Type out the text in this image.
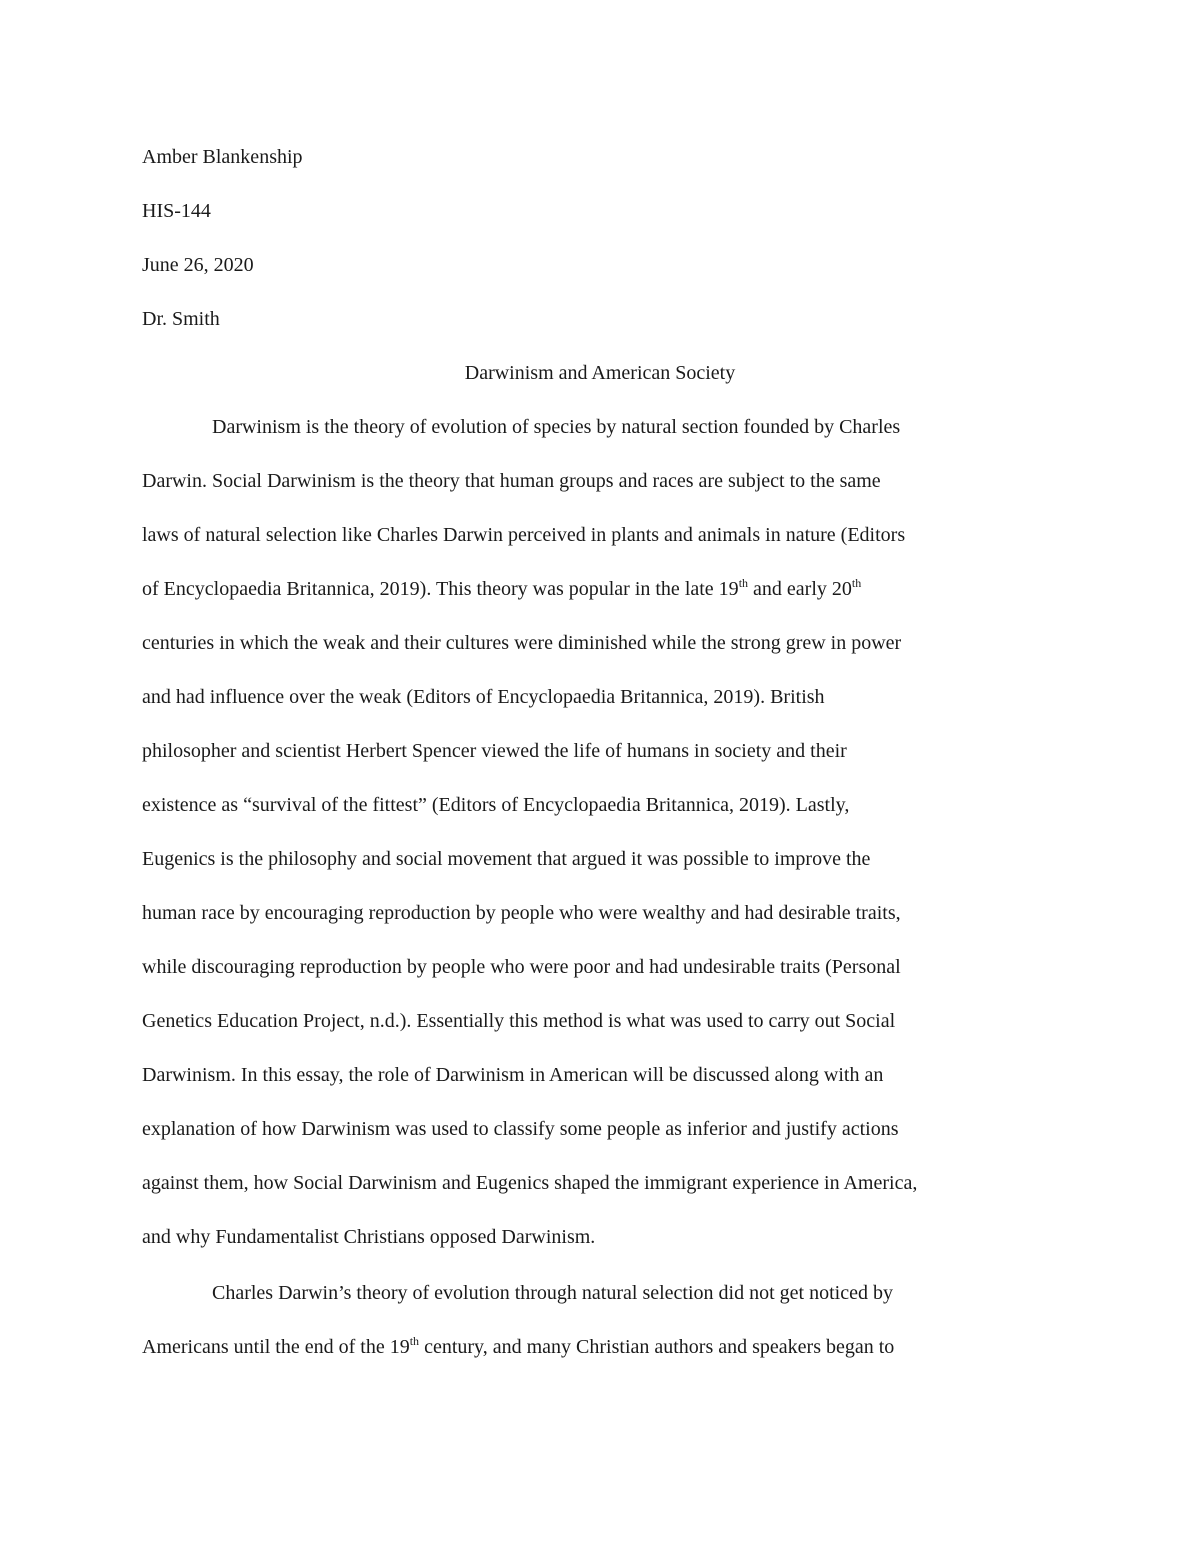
Amber Blankenship
HIS-144
June 26, 2020
Dr. Smith
Darwinism and American Society
Darwinism is the theory of evolution of species by natural section founded by Charles
Darwin. Social Darwinism is the theory that human groups and races are subject to the same
laws of natural selection like Charles Darwin perceived in plants and animals in nature (Editors
of Encyclopaedia Britannica, 2019). This theory was popular in the late 19th and early 20th
centuries in which the weak and their cultures were diminished while the strong grew in power
and had influence over the weak (Editors of Encyclopaedia Britannica, 2019). British
philosopher and scientist Herbert Spencer viewed the life of humans in society and their
existence as “survival of the fittest” (Editors of Encyclopaedia Britannica, 2019). Lastly,
Eugenics is the philosophy and social movement that argued it was possible to improve the
human race by encouraging reproduction by people who were wealthy and had desirable traits,
while discouraging reproduction by people who were poor and had undesirable traits (Personal
Genetics Education Project, n.d.). Essentially this method is what was used to carry out Social
Darwinism. In this essay, the role of Darwinism in American will be discussed along with an
explanation of how Darwinism was used to classify some people as inferior and justify actions
against them, how Social Darwinism and Eugenics shaped the immigrant experience in America,
and why Fundamentalist Christians opposed Darwinism.
Charles Darwin’s theory of evolution through natural selection did not get noticed by
Americans until the end of the 19th century, and many Christian authors and speakers began to
